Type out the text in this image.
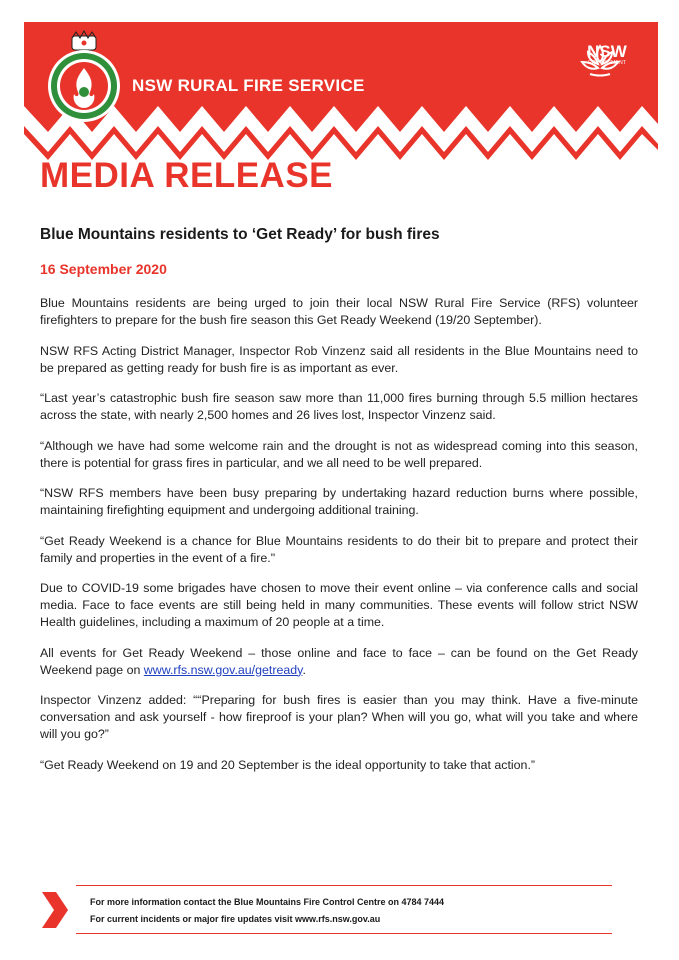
NSW RURAL FIRE SERVICE
NSW
GOVERNMENT
MEDIA RELEASE
Blue Mountains residents to ‘Get Ready’ for bush fires
16 September 2020

Blue Mountains residents are being urged to join their local NSW Rural Fire Service (RFS) volunteer firefighters to prepare for the bush fire season this Get Ready Weekend (19/20 September).

NSW RFS Acting District Manager, Inspector Rob Vinzenz said all residents in the Blue Mountains need to be prepared as getting ready for bush fire is as important as ever.

“Last year’s catastrophic bush fire season saw more than 11,000 fires burning through 5.5 million hectares across the state, with nearly 2,500 homes and 26 lives lost, Inspector Vinzenz said.

“Although we have had some welcome rain and the drought is not as widespread coming into this season, there is potential for grass fires in particular, and we all need to be well prepared.

“NSW RFS members have been busy preparing by undertaking hazard reduction burns where possible, maintaining firefighting equipment and undergoing additional training.

“Get Ready Weekend is a chance for Blue Mountains residents to do their bit to prepare and protect their family and properties in the event of a fire."

Due to COVID-19 some brigades have chosen to move their event online – via conference calls and social media. Face to face events are still being held in many communities. These events will follow strict NSW Health guidelines, including a maximum of 20 people at a time.

All events for Get Ready Weekend – those online and face to face – can be found on the Get Ready Weekend page on www.rfs.nsw.gov.au/getready.

Inspector Vinzenz added: ““Preparing for bush fires is easier than you may think. Have a five-minute conversation and ask yourself - how fireproof is your plan? When will you go, what will you take and where will you go?”

“Get Ready Weekend on 19 and 20 September is the ideal opportunity to take that action.”

For more information contact the Blue Mountains Fire Control Centre on 4784 7444
For current incidents or major fire updates visit www.rfs.nsw.gov.au
